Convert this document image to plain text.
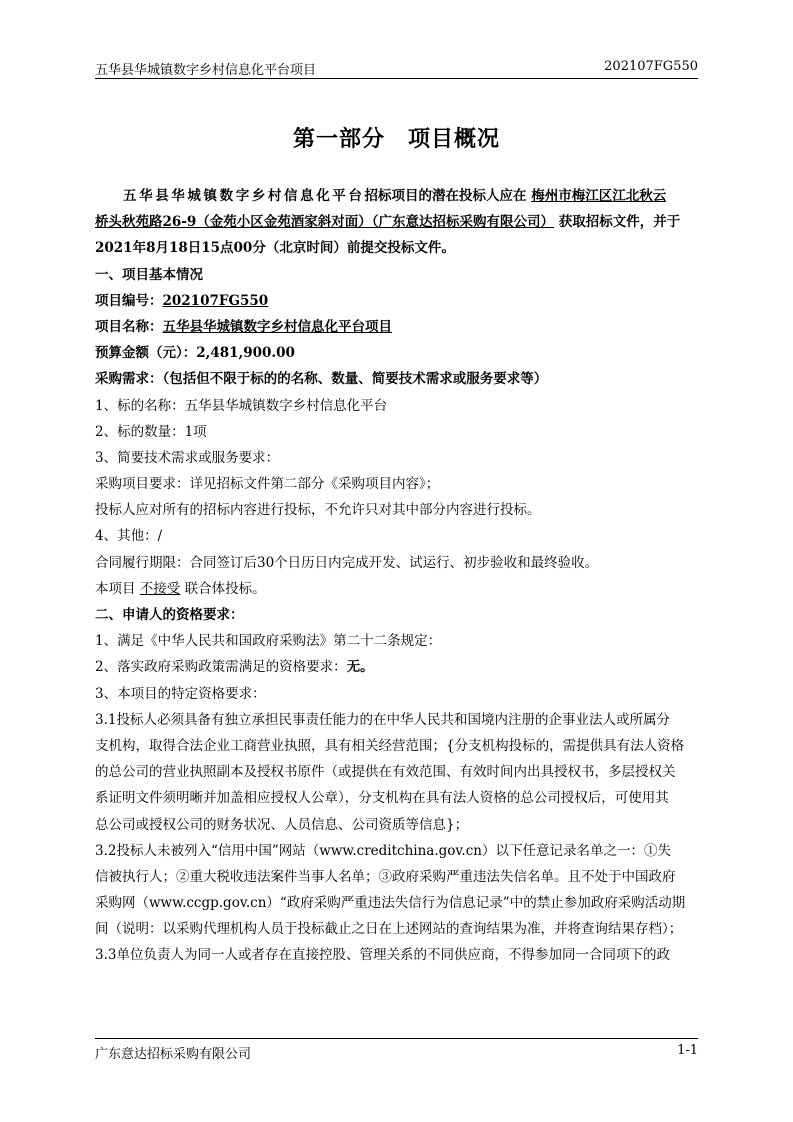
五华县华城镇数字乡村信息化平台项目	202107FG550
第一部分　项目概况
五华县华城镇数字乡村信息化平台招标项目的潜在投标人应在 梅州市梅江区江北秋云
桥头秋苑路26-9（金苑小区金苑酒家斜对面）（广东意达招标采购有限公司） 获取招标文件，并于
2021年8月18日15点00分（北京时间）前提交投标文件。
一、项目基本情况
项目编号：202107FG550
项目名称：五华县华城镇数字乡村信息化平台项目
预算金额（元）：2,481,900.00
采购需求：（包括但不限于标的的名称、数量、简要技术需求或服务要求等）
1、标的名称：五华县华城镇数字乡村信息化平台
2、标的数量：1项
3、简要技术需求或服务要求：
采购项目要求：详见招标文件第二部分《采购项目内容》；
投标人应对所有的招标内容进行投标，不允许只对其中部分内容进行投标。
4、其他：/
合同履行期限：合同签订后30个日历日内完成开发、试运行、初步验收和最终验收。
本项目 不接受 联合体投标。
二、申请人的资格要求：
1、满足《中华人民共和国政府采购法》第二十二条规定：
2、落实政府采购政策需满足的资格要求：无。
3、本项目的特定资格要求：
3.1投标人必须具备有独立承担民事责任能力的在中华人民共和国境内注册的企事业法人或所属分
支机构，取得合法企业工商营业执照，具有相关经营范围；{分支机构投标的，需提供具有法人资格
的总公司的营业执照副本及授权书原件（或提供在有效范围、有效时间内出具授权书，多层授权关
系证明文件须明晰并加盖相应授权人公章），分支机构在具有法人资格的总公司授权后，可使用其
总公司或授权公司的财务状况、人员信息、公司资质等信息}；
3.2投标人未被列入“信用中国”网站（www.creditchina.gov.cn）以下任意记录名单之一：①失
信被执行人；②重大税收违法案件当事人名单；③政府采购严重违法失信名单。且不处于中国政府
采购网（www.ccgp.gov.cn）“政府采购严重违法失信行为信息记录”中的禁止参加政府采购活动期
间（说明：以采购代理机构人员于投标截止之日在上述网站的查询结果为准，并将查询结果存档）；
3.3单位负责人为同一人或者存在直接控股、管理关系的不同供应商，不得参加同一合同项下的政
广东意达招标采购有限公司	1-1
